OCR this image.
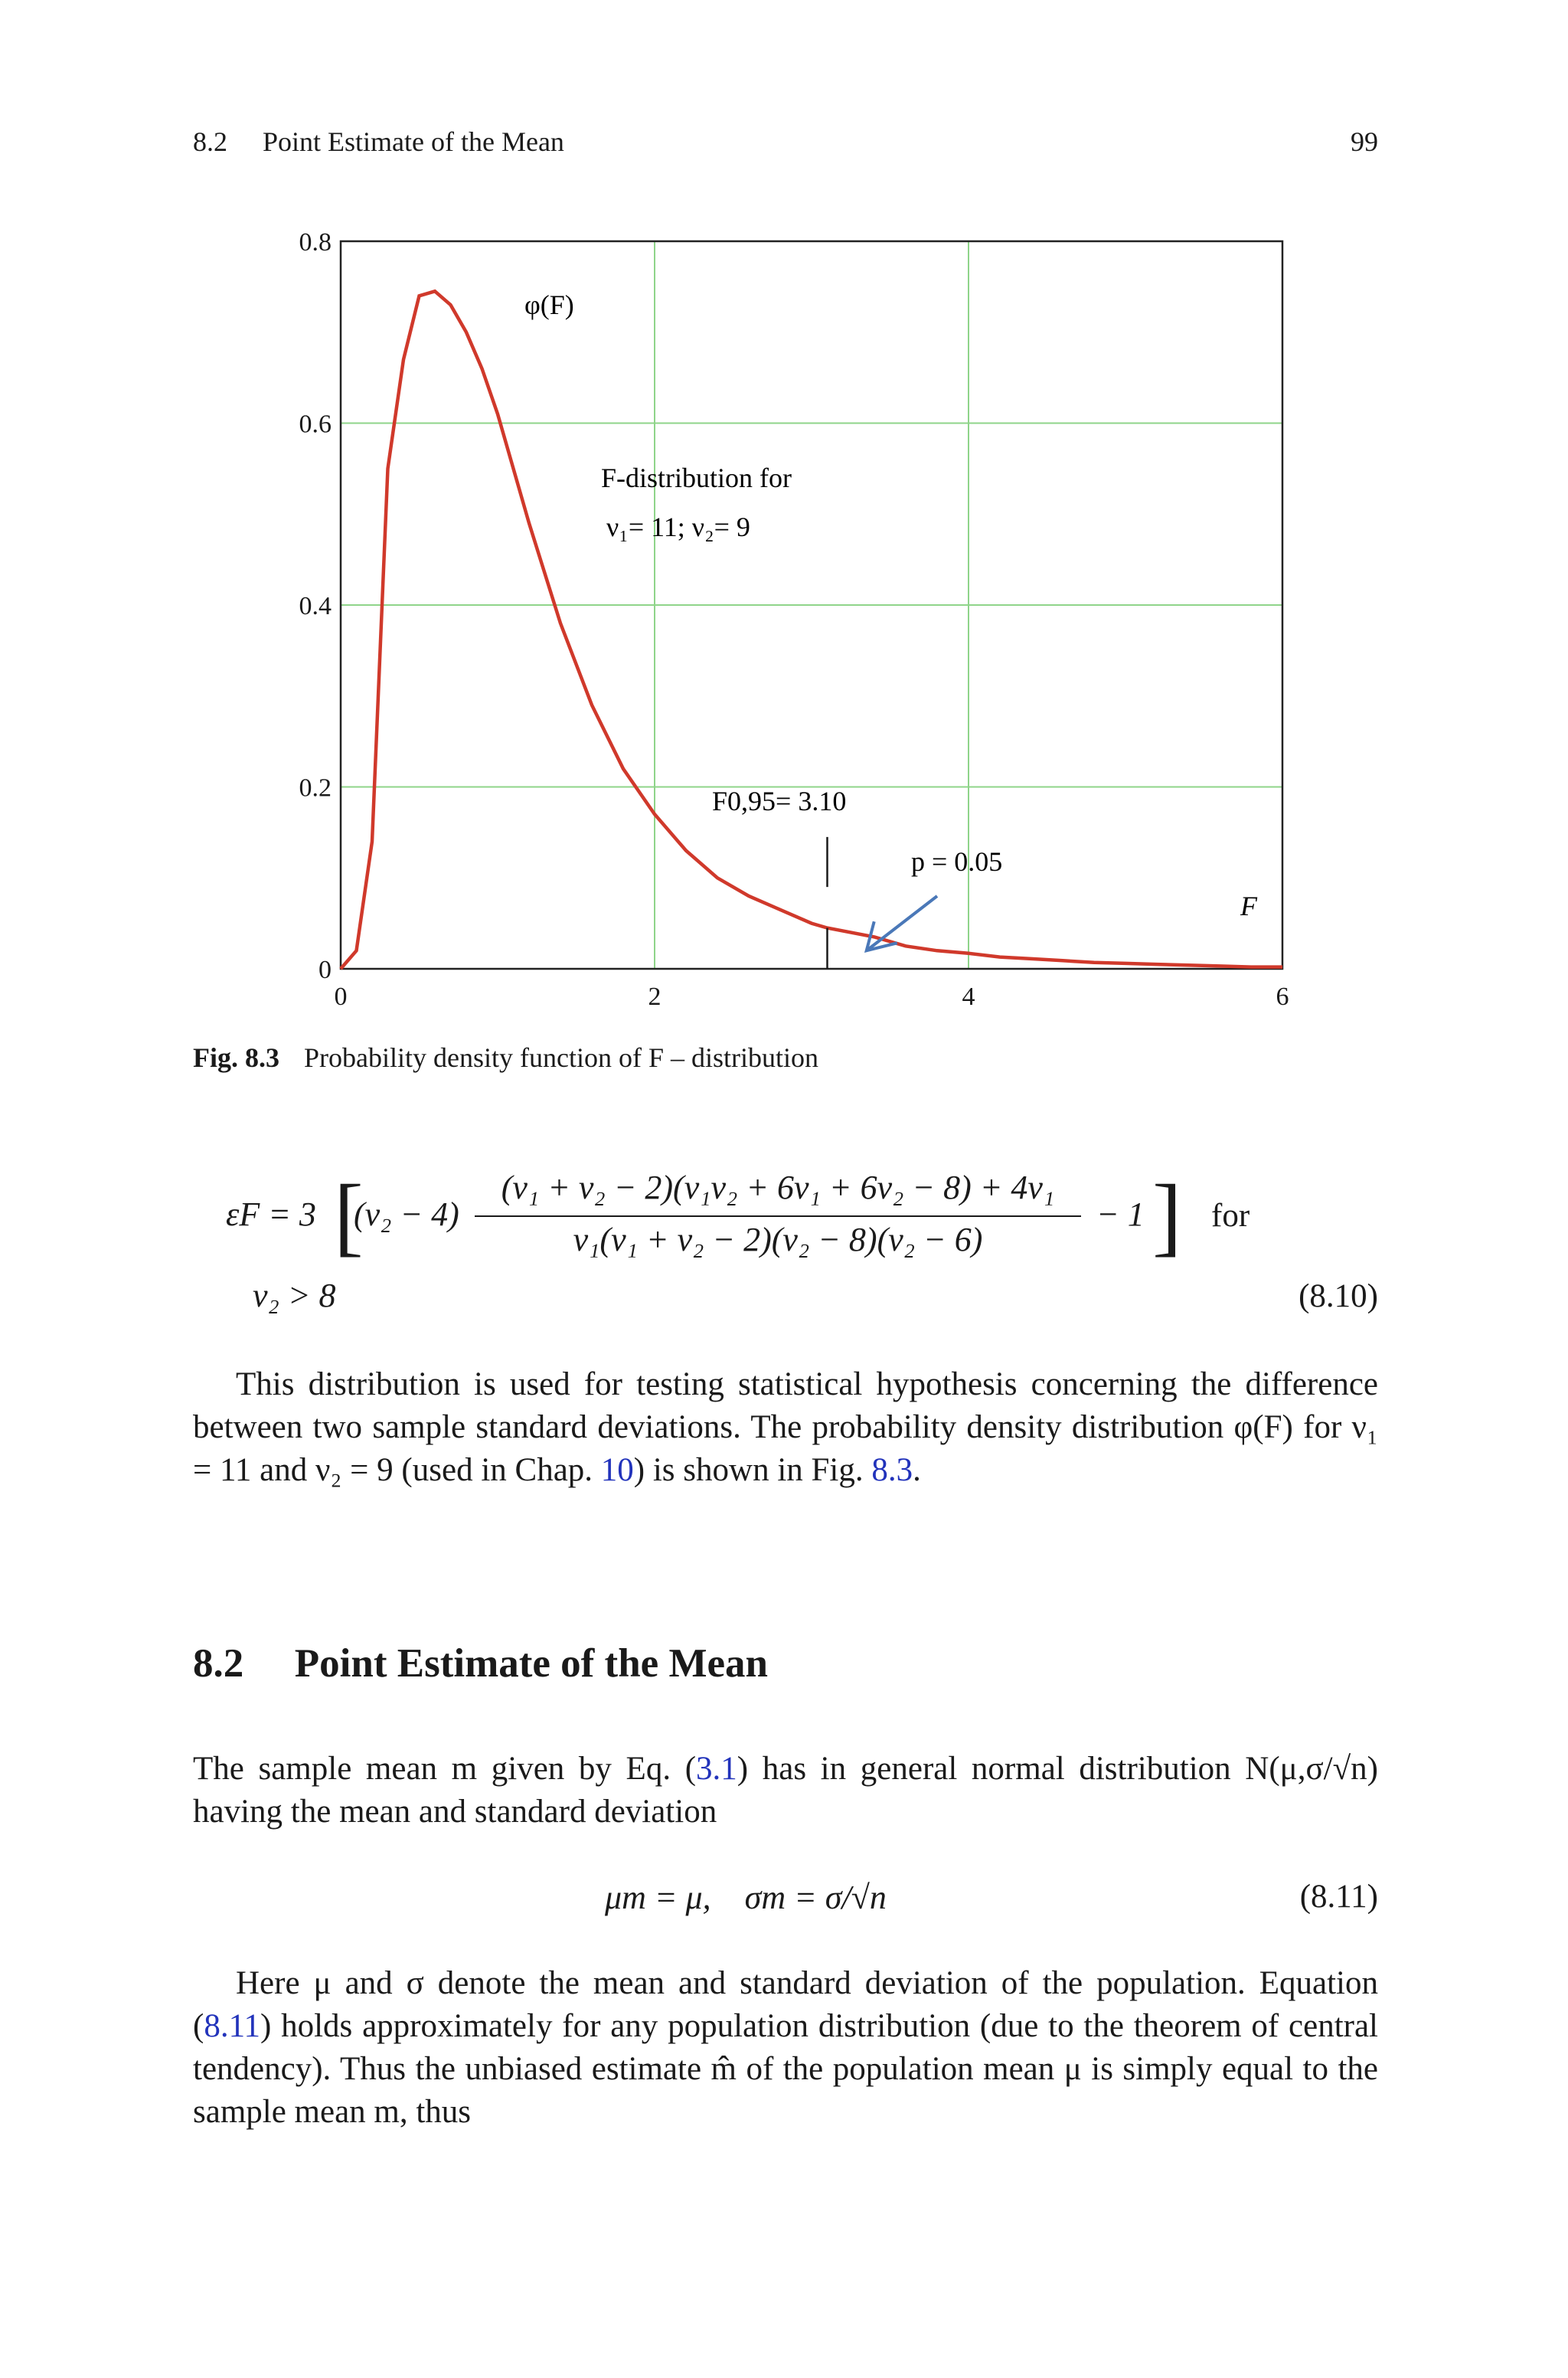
8.2 Point Estimate of the Mean	99
0	2	4	6
0
0.2
0.4
0.6
0.8
φ(F)
F-distribution for
ν₁= 11; ν₂= 9
F0,95= 3.10
p = 0.05
F
Fig. 8.3 Probability density function of F – distribution
εF = 3 [
(ν₂ − 4)
(ν₁ + ν₂ − 2)(ν₁ν₂ + 6ν₁ + 6ν₂ − 8) + 4ν₁
ν₁(ν₁ + ν₂ − 2)(ν₂ − 8)(ν₂ − 6)
− 1 ] for
ν₂ > 8	(8.10)
This distribution is used for testing statistical hypothesis concerning the difference between two sample standard deviations. The probability density distribution φ(F) for ν₁ = 11 and ν₂ = 9 (used in Chap. 10) is shown in Fig. 8.3.
8.2 Point Estimate of the Mean
The sample mean m given by Eq. (3.1) has in general normal distribution N(μ,σ/√n) having the mean and standard deviation
μm = μ,    σm = σ/√n	(8.11)
Here μ and σ denote the mean and standard deviation of the population. Equation (8.11) holds approximately for any population distribution (due to the theorem of central tendency). Thus the unbiased estimate m̂ of the population mean μ is simply equal to the sample mean m, thus
